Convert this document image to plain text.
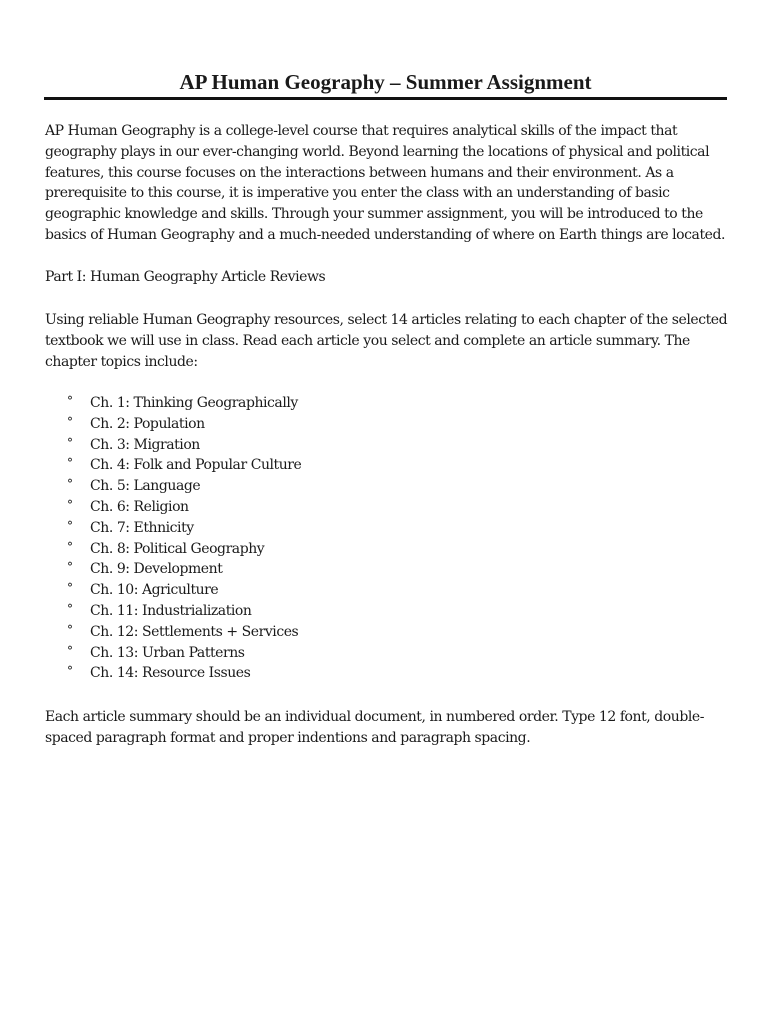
AP Human Geography – Summer Assignment

AP Human Geography is a college-level course that requires analytical skills of the impact that geography plays in our ever-changing world. Beyond learning the locations of physical and political features, this course focuses on the interactions between humans and their environment. As a prerequisite to this course, it is imperative you enter the class with an understanding of basic geographic knowledge and skills. Through your summer assignment, you will be introduced to the basics of Human Geography and a much-needed understanding of where on Earth things are located.

Part I: Human Geography Article Reviews

Using reliable Human Geography resources, select 14 articles relating to each chapter of the selected textbook we will use in class. Read each article you select and complete an article summary. The chapter topics include:

° Ch. 1: Thinking Geographically
° Ch. 2: Population
° Ch. 3: Migration
° Ch. 4: Folk and Popular Culture
° Ch. 5: Language
° Ch. 6: Religion
° Ch. 7: Ethnicity
° Ch. 8: Political Geography
° Ch. 9: Development
° Ch. 10: Agriculture
° Ch. 11: Industrialization
° Ch. 12: Settlements + Services
° Ch. 13: Urban Patterns
° Ch. 14: Resource Issues

Each article summary should be an individual document, in numbered order. Type 12 font, double-spaced paragraph format and proper indentions and paragraph spacing.
